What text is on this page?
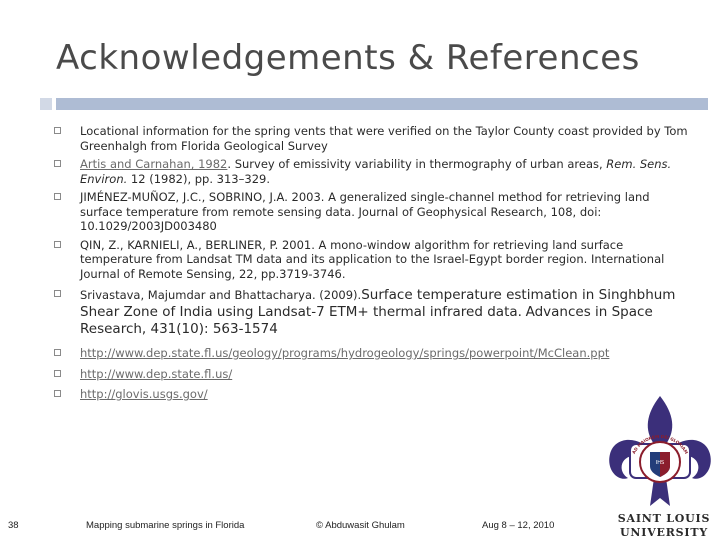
Acknowledgements & References
Locational information for the spring vents that were verified on the Taylor County coast provided by Tom Greenhalgh from Florida Geological Survey
Artis and Carnahan, 1982. Survey of emissivity variability in thermography of urban areas, Rem. Sens. Environ. 12 (1982), pp. 313–329.
JIMÉNEZ-MUÑOZ, J.C., SOBRINO, J.A. 2003. A generalized single-channel method for retrieving land surface temperature from remote sensing data. Journal of Geophysical Research, 108, doi: 10.1029/2003JD003480
QIN, Z., KARNIELI, A., BERLINER, P. 2001. A mono-window algorithm for retrieving land surface temperature from Landsat TM data and its application to the Israel-Egypt border region. International Journal of Remote Sensing, 22, pp.3719-3746.
Srivastava, Majumdar and Bhattacharya. (2009).Surface temperature estimation in Singhbhum Shear Zone of India using Landsat-7 ETM+ thermal infrared data. Advances in Space Research, 431(10): 563-1574
http://www.dep.state.fl.us/geology/programs/hydrogeology/springs/powerpoint/McClean.ppt
http://www.dep.state.fl.us/
http://glovis.usgs.gov/
38	Mapping submarine springs in Florida	© Abduwasit Ghulam	Aug 8 – 12, 2010
IHS
AD MAIOREM DEI GLORIAM
SAINT LOUIS
UNIVERSITY
